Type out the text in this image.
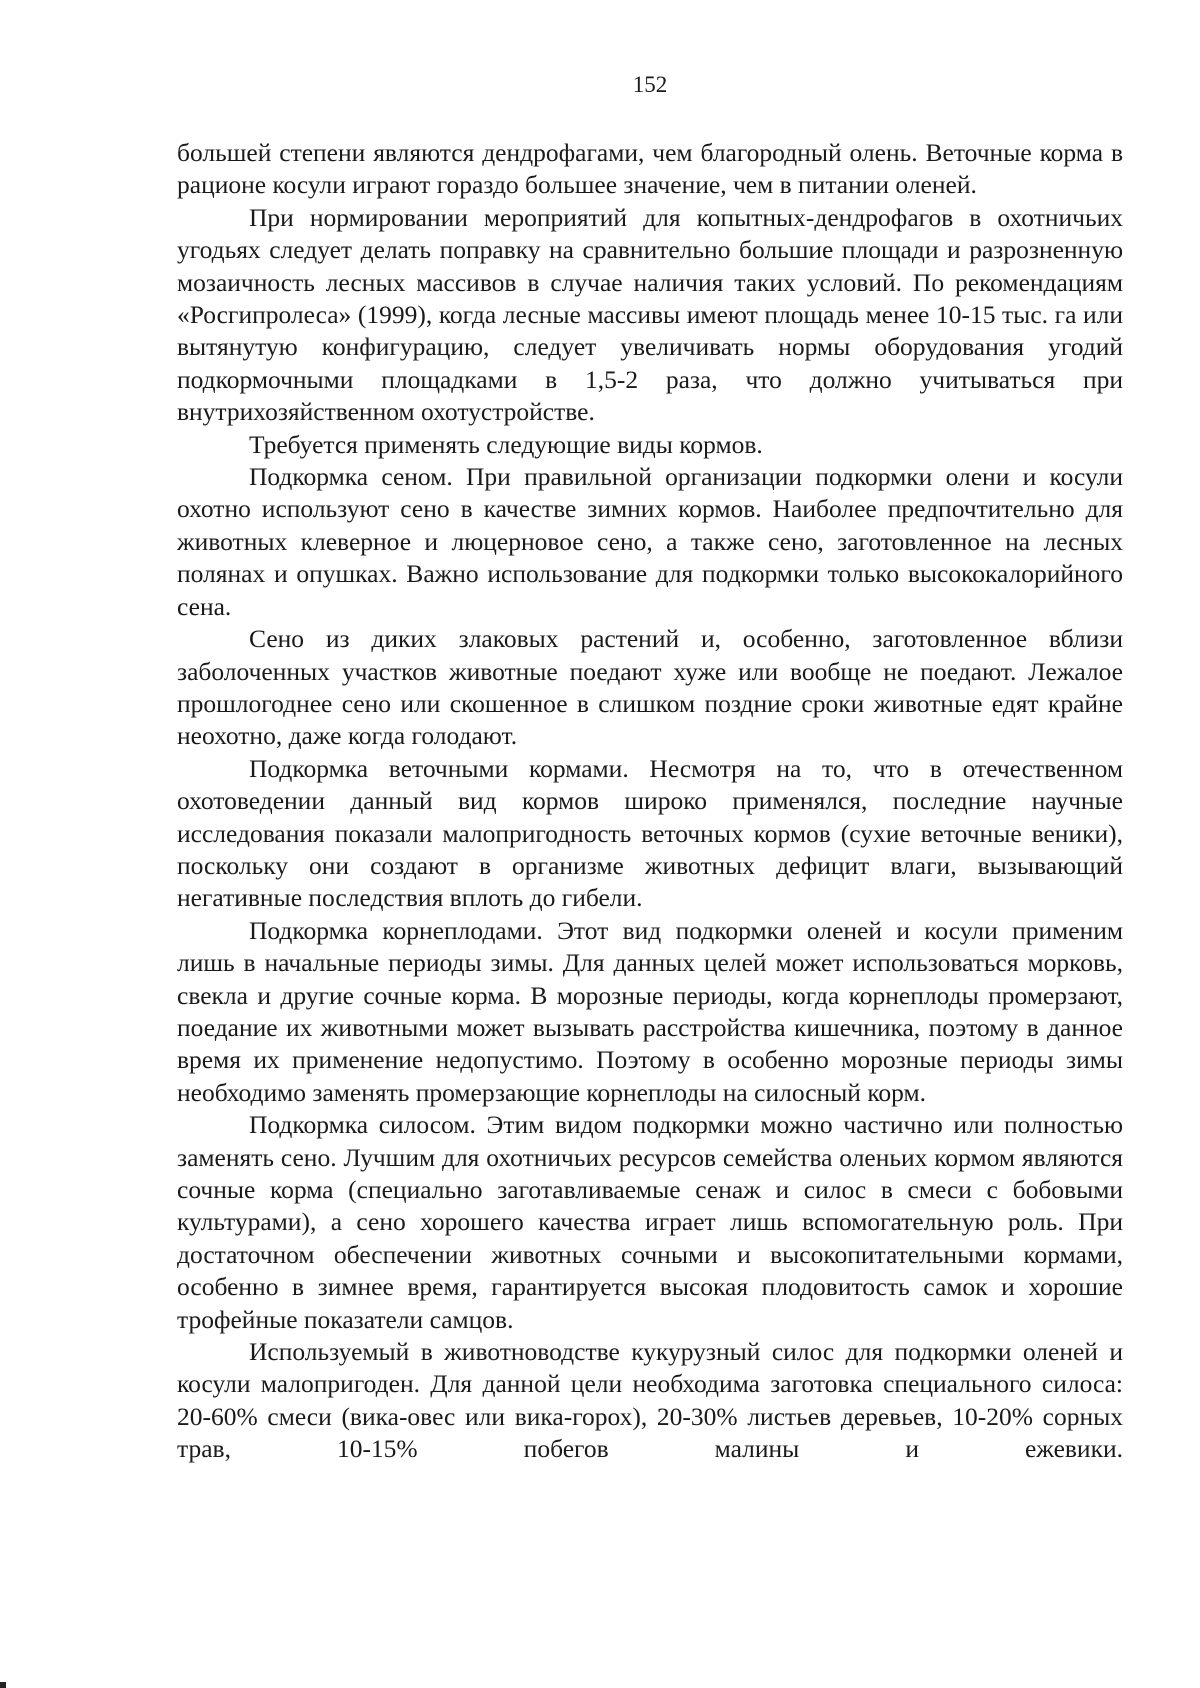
152

большей степени являются дендрофагами, чем благородный олень. Веточные корма в рационе косули играют гораздо большее значение, чем в питании оленей.

При нормировании мероприятий для копытных-дендрофагов в охотничьих угодьях следует делать поправку на сравнительно большие площади и разрозненную мозаичность лесных массивов в случае наличия таких условий. По рекомендациям «Росгипролеса» (1999), когда лесные массивы имеют площадь менее 10-15 тыс. га или вытянутую конфигурацию, следует увеличивать нормы оборудования угодий подкормочными площадками в 1,5-2 раза, что должно учитываться при внутрихозяйственном охотустройстве.

Требуется применять следующие виды кормов.

Подкормка сеном. При правильной организации подкормки олени и косули охотно используют сено в качестве зимних кормов. Наиболее предпочтительно для животных клеверное и люцерновое сено, а также сено, заготовленное на лесных полянах и опушках. Важно использование для подкормки только высококалорийного сена.

Сено из диких злаковых растений и, особенно, заготовленное вблизи заболоченных участков животные поедают хуже или вообще не поедают. Лежалое прошлогоднее сено или скошенное в слишком поздние сроки животные едят крайне неохотно, даже когда голодают.

Подкормка веточными кормами. Несмотря на то, что в отечественном охотоведении данный вид кормов широко применялся, последние научные исследования показали малопригодность веточных кормов (сухие веточные веники), поскольку они создают в организме животных дефицит влаги, вызывающий негативные последствия вплоть до гибели.

Подкормка корнеплодами. Этот вид подкормки оленей и косули применим лишь в начальные периоды зимы. Для данных целей может использоваться морковь, свекла и другие сочные корма. В морозные периоды, когда корнеплоды промерзают, поедание их животными может вызывать расстройства кишечника, поэтому в данное время их применение недопустимо. Поэтому в особенно морозные периоды зимы необходимо заменять промерзающие корнеплоды на силосный корм.

Подкормка силосом. Этим видом подкормки можно частично или полностью заменять сено. Лучшим для охотничьих ресурсов семейства оленьих кормом являются сочные корма (специально заготавливаемые сенаж и силос в смеси с бобовыми культурами), а сено хорошего качества играет лишь вспомогательную роль. При достаточном обеспечении животных сочными и высокопитательными кормами, особенно в зимнее время, гарантируется высокая плодовитость самок и хорошие трофейные показатели самцов.

Используемый в животноводстве кукурузный силос для подкормки оленей и косули малопригоден. Для данной цели необходима заготовка специального силоса: 20-60% смеси (вика-овес или вика-горох), 20-30% листьев деревьев, 10-20% сорных трав, 10-15% побегов малины и ежевики.
